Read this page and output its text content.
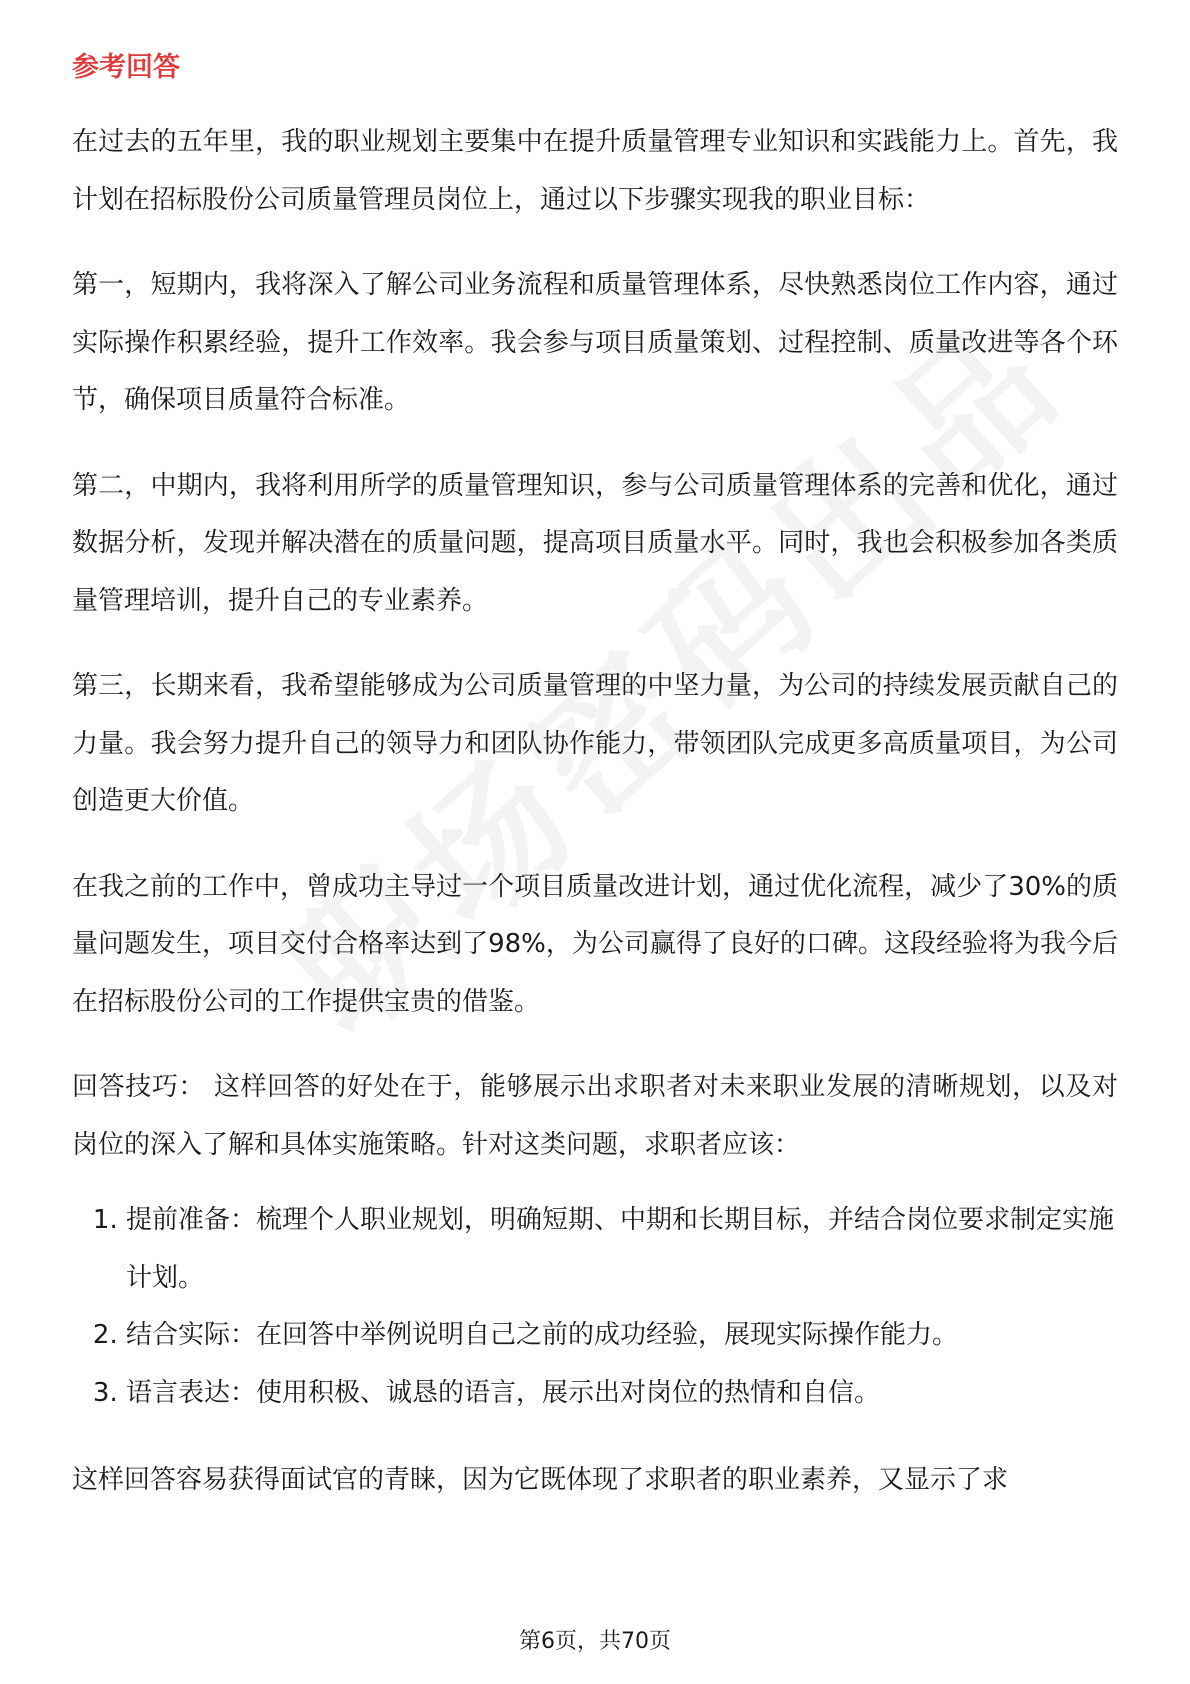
参考回答

在过去的五年里，我的职业规划主要集中在提升质量管理专业知识和实践能力上。首先，我计划在招标股份公司质量管理员岗位上，通过以下步骤实现我的职业目标：

第一，短期内，我将深入了解公司业务流程和质量管理体系，尽快熟悉岗位工作内容，通过实际操作积累经验，提升工作效率。我会参与项目质量策划、过程控制、质量改进等各个环节，确保项目质量符合标准。

第二，中期内，我将利用所学的质量管理知识，参与公司质量管理体系的完善和优化，通过数据分析，发现并解决潜在的质量问题，提高项目质量水平。同时，我也会积极参加各类质量管理培训，提升自己的专业素养。

第三，长期来看，我希望能够成为公司质量管理的中坚力量，为公司的持续发展贡献自己的力量。我会努力提升自己的领导力和团队协作能力，带领团队完成更多高质量项目，为公司创造更大价值。

在我之前的工作中，曾成功主导过一个项目质量改进计划，通过优化流程，减少了30%的质量问题发生，项目交付合格率达到了98%，为公司赢得了良好的口碑。这段经验将为我今后在招标股份公司的工作提供宝贵的借鉴。

回答技巧： 这样回答的好处在于，能够展示出求职者对未来职业发展的清晰规划，以及对岗位的深入了解和具体实施策略。针对这类问题，求职者应该：

1. 提前准备：梳理个人职业规划，明确短期、中期和长期目标，并结合岗位要求制定实施计划。
2. 结合实际：在回答中举例说明自己之前的成功经验，展现实际操作能力。
3. 语言表达：使用积极、诚恳的语言，展示出对岗位的热情和自信。

这样回答容易获得面试官的青睐，因为它既体现了求职者的职业素养，又显示了求

第6页，共70页
